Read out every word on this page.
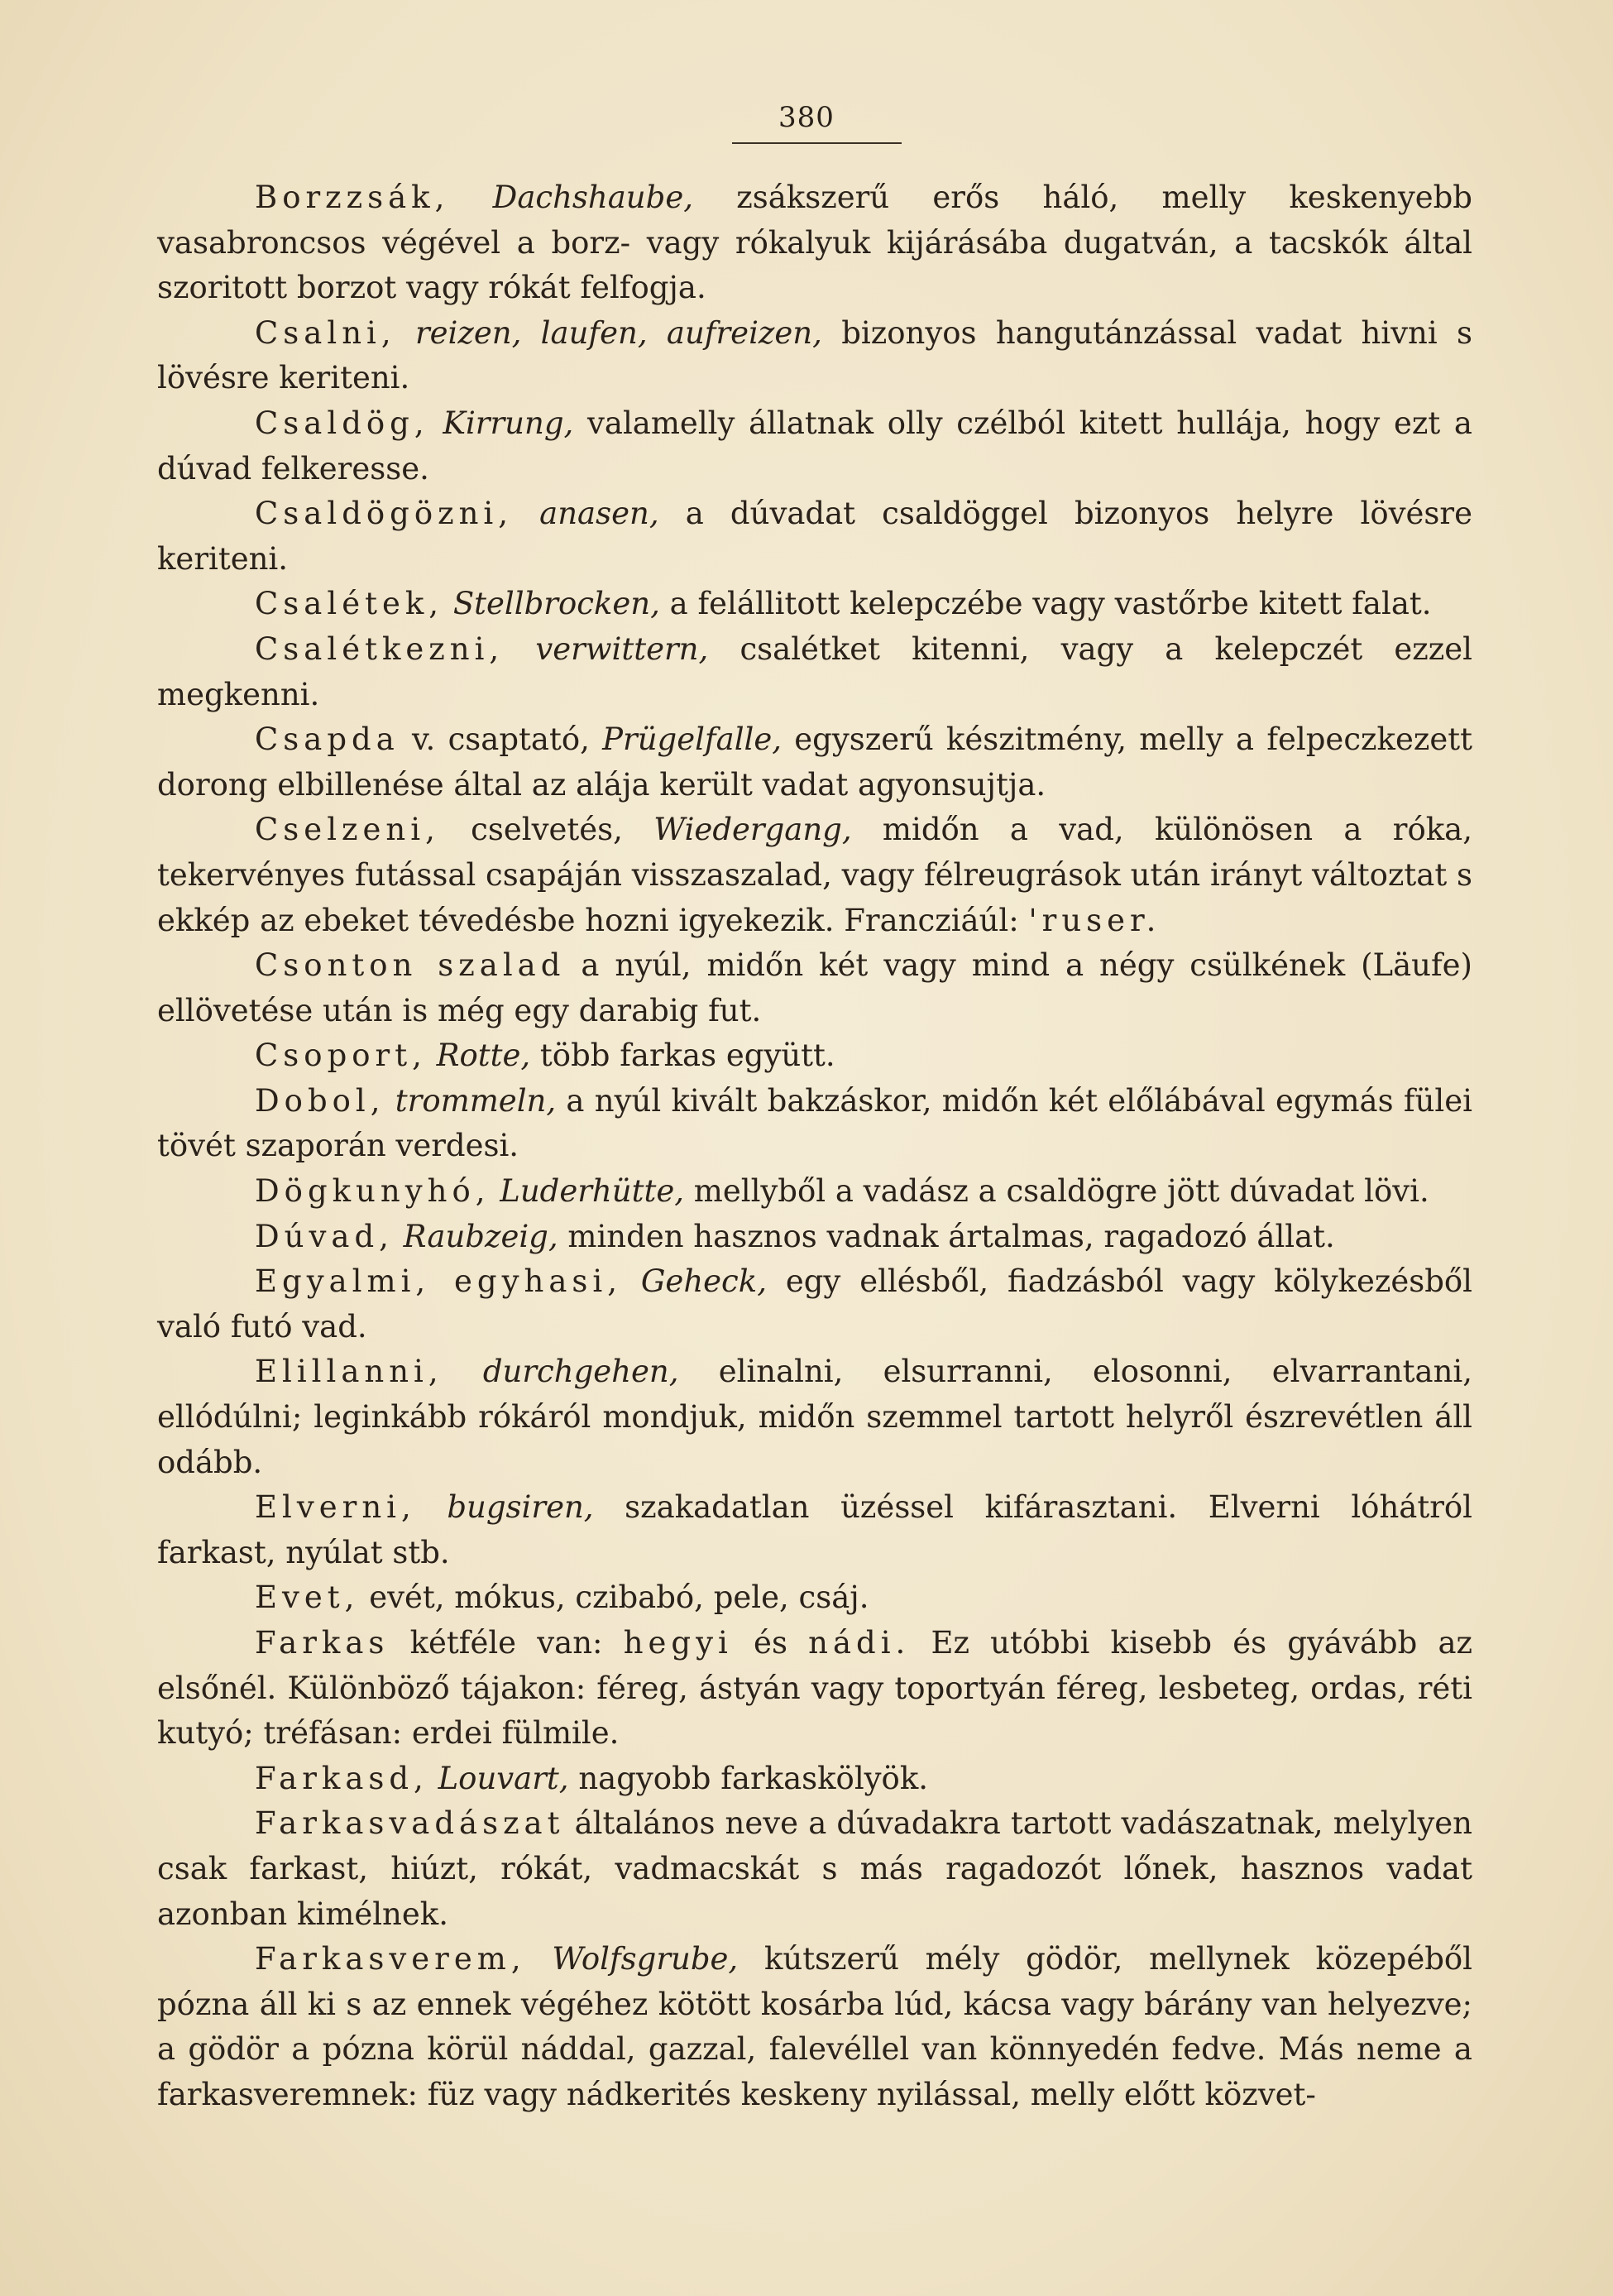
380

Borzzsák, Dachshaube, zsákszerű erős háló, melly keskenyebb vasabroncsos végével a borz- vagy rókalyuk kijárásába dugatván, a tacskók által szoritott borzot vagy rókát felfogja.

Csalni, reizen, laufen, aufreizen, bizonyos hangutánzással vadat hivni s lövésre keriteni.

Csaldög, Kirrung, valamelly állatnak olly czélból kitett hullája, hogy ezt a dúvad felkeresse.

Csaldögözni, anasen, a dúvadat csaldöggel bizonyos helyre lövésre keriteni.

Csalétek, Stellbrocken, a felállitott kelepczébe vagy vastőrbe kitett falat.

Csalétkezni, verwittern, csalétket kitenni, vagy a kelepczét ezzel megkenni.

Csapda v. csaptató, Prügelfalle, egyszerű készitmény, melly a felpeczkezett dorong elbillenése által az alája került vadat agyonsujtja.

Cselzeni, cselvetés, Wiedergang, midőn a vad, különösen a róka, tekervényes futással csapáján visszaszalad, vagy félreugrások után irányt változtat s ekkép az ebeket tévedésbe hozni igyekezik. Francziáúl: 'ruser.

Csonton szalad a nyúl, midőn két vagy mind a négy csülkének (Läufe) ellövetése után is még egy darabig fut.

Csoport, Rotte, több farkas együtt.

Dobol, trommeln, a nyúl kivált bakzáskor, midőn két előlábával egymás fülei tövét szaporán verdesi.

Dögkunyhó, Luderhütte, mellyből a vadász a csaldögre jött dúvadat lövi.

Dúvad, Raubzeig, minden hasznos vadnak ártalmas, ragadozó állat.

Egyalmi, egyhasi, Geheck, egy ellésből, fiadzásból vagy kölykezésből való futó vad.

Elillanni, durchgehen, elinalni, elsurranni, elosonni, elvarrantani, ellódúlni; leginkább rókáról mondjuk, midőn szemmel tartott helyről észrevétlen áll odább.

Elverni, bugsiren, szakadatlan üzéssel kifárasztani. Elverni lóhátról farkast, nyúlat stb.

Evet, evét, mókus, czibabó, pele, csáj.

Farkas kétféle van: hegyi és nádi. Ez utóbbi kisebb és gyávább az elsőnél. Különböző tájakon: féreg, ástyán vagy toportyán féreg, lesbeteg, ordas, réti kutyó; tréfásan: erdei fülmile.

Farkasd, Louvart, nagyobb farkaskölyök.

Farkasvadászat általános neve a dúvadakra tartott vadászatnak, melylyen csak farkast, hiúzt, rókát, vadmacskát s más ragadozót lőnek, hasznos vadat azonban kimélnek.

Farkasverem, Wolfsgrube, kútszerű mély gödör, mellynek közepéből pózna áll ki s az ennek végéhez kötött kosárba lúd, kácsa vagy bárány van helyezve; a gödör a pózna körül náddal, gazzal, falevéllel van könnyedén fedve. Más neme a farkasveremnek: füz vagy nádkerités keskeny nyilással, melly előtt közvet-
